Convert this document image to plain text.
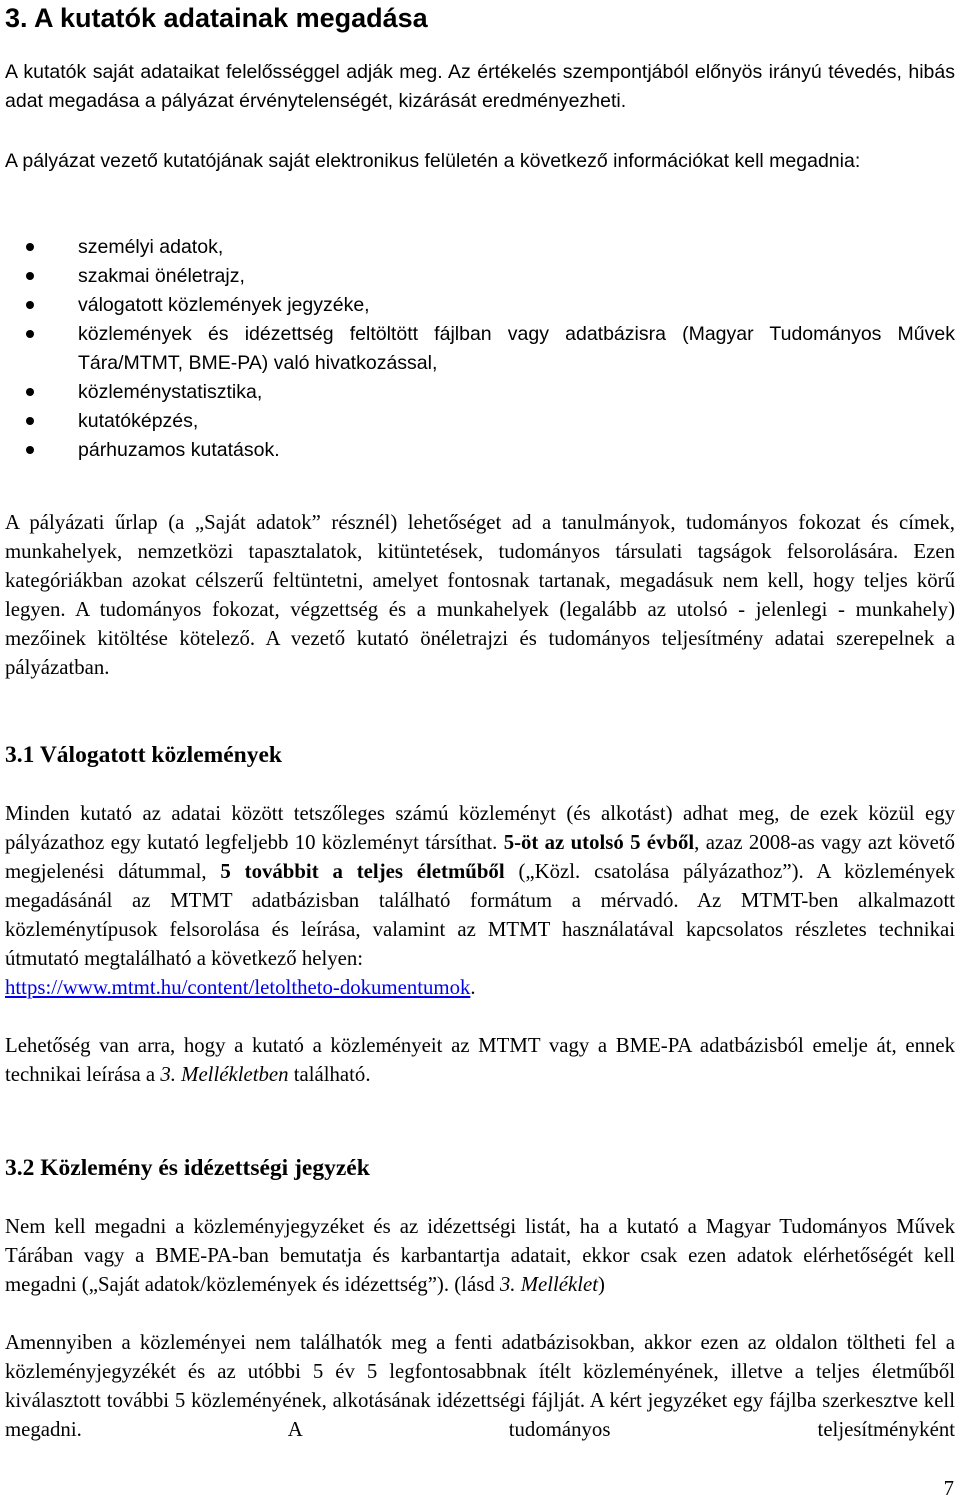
3. A kutatók adatainak megadása

A kutatók saját adataikat felelősséggel adják meg. Az értékelés szempontjából előnyös irányú tévedés, hibás adat megadása a pályázat érvénytelenségét, kizárását eredményezheti.

A pályázat vezető kutatójának saját elektronikus felületén a következő információkat kell megadnia:

személyi adatok,
szakmai önéletrajz,
válogatott közlemények jegyzéke,
közlemények és idézettség feltöltött fájlban vagy adatbázisra (Magyar Tudományos Művek Tára/MTMT, BME-PA) való hivatkozással,
közleménystatisztika,
kutatóképzés,
párhuzamos kutatások.

A pályázati űrlap (a „Saját adatok” résznél) lehetőséget ad a tanulmányok, tudományos fokozat és címek, munkahelyek, nemzetközi tapasztalatok, kitüntetések, tudományos társulati tagságok felsorolására. Ezen kategóriákban azokat célszerű feltüntetni, amelyet fontosnak tartanak, megadásuk nem kell, hogy teljes körű legyen. A tudományos fokozat, végzettség és a munkahelyek (legalább az utolsó - jelenlegi - munkahely) mezőinek kitöltése kötelező. A vezető kutató önéletrajzi és tudományos teljesítmény adatai szerepelnek a pályázatban.

3.1 Válogatott közlemények

Minden kutató az adatai között tetszőleges számú közleményt (és alkotást) adhat meg, de ezek közül egy pályázathoz egy kutató legfeljebb 10 közleményt társíthat. 5-öt az utolsó 5 évből, azaz 2008-as vagy azt követő megjelenési dátummal, 5 továbbit a teljes életműből („Közl. csatolása pályázathoz”). A közlemények megadásánál az MTMT adatbázisban található formátum a mérvadó. Az MTMT-ben alkalmazott közleménytípusok felsorolása és leírása, valamint az MTMT használatával kapcsolatos részletes technikai útmutató megtalálható a következő helyen:
https://www.mtmt.hu/content/letoltheto-dokumentumok.

Lehetőség van arra, hogy a kutató a közleményeit az MTMT vagy a BME-PA adatbázisból emelje át, ennek technikai leírása a 3. Mellékletben található.

3.2 Közlemény és idézettségi jegyzék

Nem kell megadni a közleményjegyzéket és az idézettségi listát, ha a kutató a Magyar Tudományos Művek Tárában vagy a BME-PA-ban bemutatja és karbantartja adatait, ekkor csak ezen adatok elérhetőségét kell megadni („Saját adatok/közlemények és idézettség”). (lásd 3. Melléklet)

Amennyiben a közleményei nem találhatók meg a fenti adatbázisokban, akkor ezen az oldalon töltheti fel a közleményjegyzékét és az utóbbi 5 év 5 legfontosabbnak ítélt közleményének, illetve a teljes életműből kiválasztott további 5 közleményének, alkotásának idézettségi fájlját. A kért jegyzéket egy fájlba szerkesztve kell megadni. A tudományos teljesítményként

7
